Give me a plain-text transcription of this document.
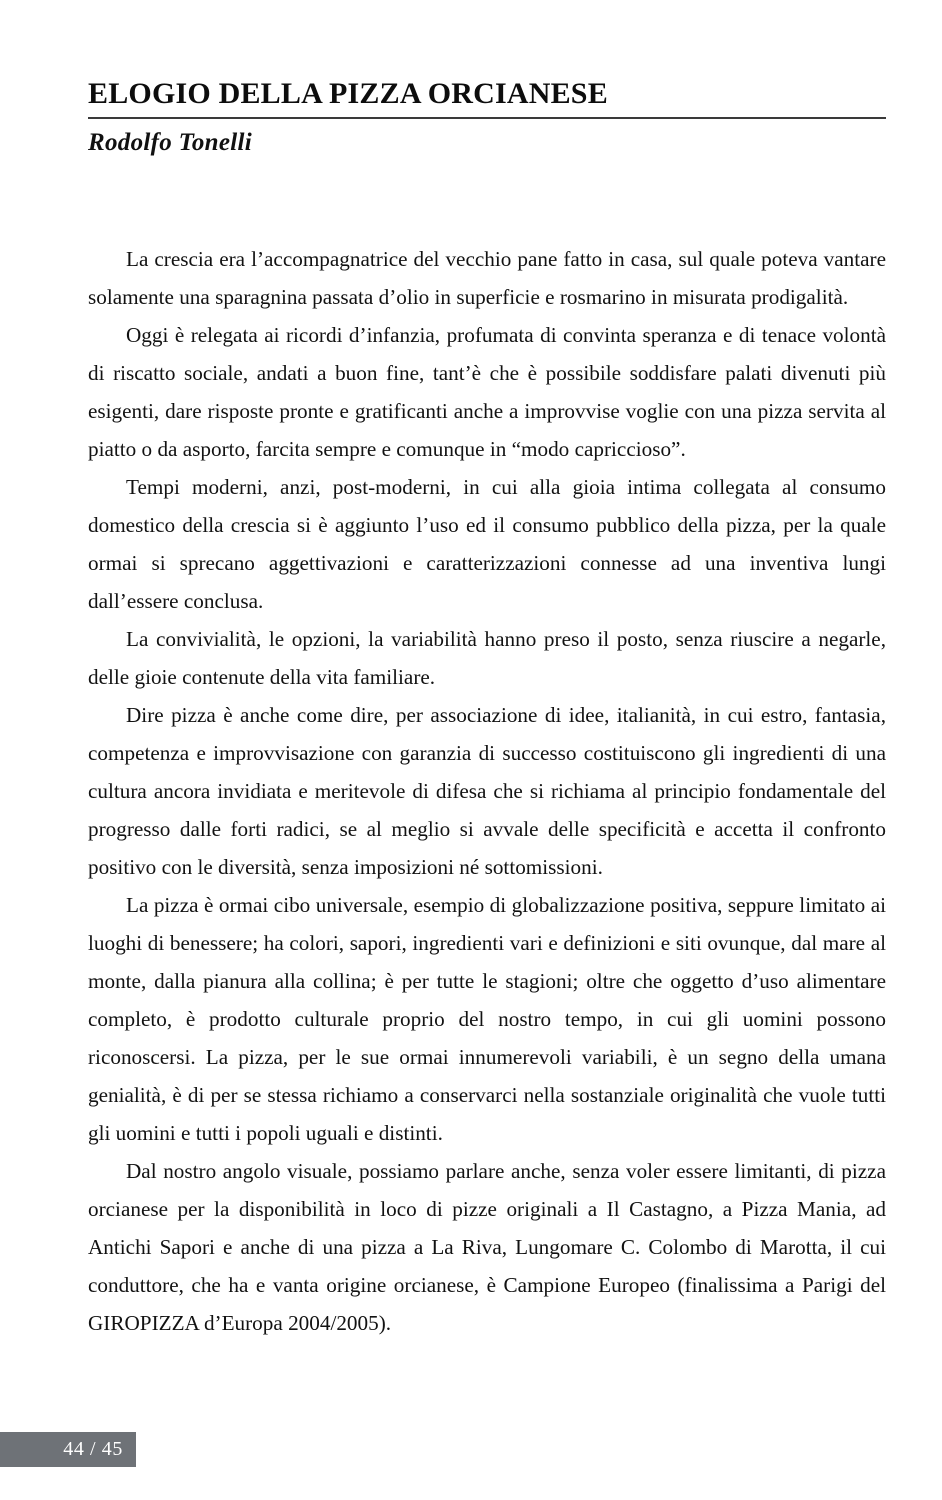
ELOGIO DELLA PIZZA ORCIANESE
Rodolfo Tonelli

La crescia era l’accompagnatrice del vecchio pane fatto in casa, sul quale poteva vantare solamente una sparagnina passata d’olio in superficie e rosmarino in misurata prodigalità.

Oggi è relegata ai ricordi d’infanzia, profumata di convinta speranza e di tenace volontà di riscatto sociale, andati a buon fine, tant’è che è possibile soddisfare palati divenuti più esigenti, dare risposte pronte e gratificanti anche a improvvise voglie con una pizza servita al piatto o da asporto, farcita sempre e comunque in “modo capriccioso”.

Tempi moderni, anzi, post-moderni, in cui alla gioia intima collegata al consumo domestico della crescia si è aggiunto l’uso ed il consumo pubblico della pizza, per la quale ormai si sprecano aggettivazioni e caratterizzazioni connesse ad una inventiva lungi dall’essere conclusa.

La convivialità, le opzioni, la variabilità hanno preso il posto, senza riuscire a negarle, delle gioie contenute della vita familiare.

Dire pizza è anche come dire, per associazione di idee, italianità, in cui estro, fantasia, competenza e improvvisazione con garanzia di successo costituiscono gli ingredienti di una cultura ancora invidiata e meritevole di difesa che si richiama al principio fondamentale del progresso dalle forti radici, se al meglio si avvale delle specificità e accetta il confronto positivo con le diversità, senza imposizioni né sottomissioni.

La pizza è ormai cibo universale, esempio di globalizzazione positiva, seppure limitato ai luoghi di benessere; ha colori, sapori, ingredienti vari e definizioni e siti ovunque, dal mare al monte, dalla pianura alla collina; è per tutte le stagioni; oltre che oggetto d’uso alimentare completo, è prodotto culturale proprio del nostro tempo, in cui gli uomini possono riconoscersi. La pizza, per le sue ormai innumerevoli variabili, è un segno della umana genialità, è di per se stessa richiamo a conservarci nella sostanziale originalità che vuole tutti gli uomini e tutti i popoli uguali e distinti.

Dal nostro angolo visuale, possiamo parlare anche, senza voler essere limitanti, di pizza orcianese per la disponibilità in loco di pizze originali a Il Castagno, a Pizza Mania, ad Antichi Sapori e anche di una pizza a La Riva, Lungomare C. Colombo di Marotta, il cui conduttore, che ha e vanta origine orcianese, è Campione Europeo (finalissima a Parigi del GIROPIZZA d’Europa 2004/2005).

44 / 45
